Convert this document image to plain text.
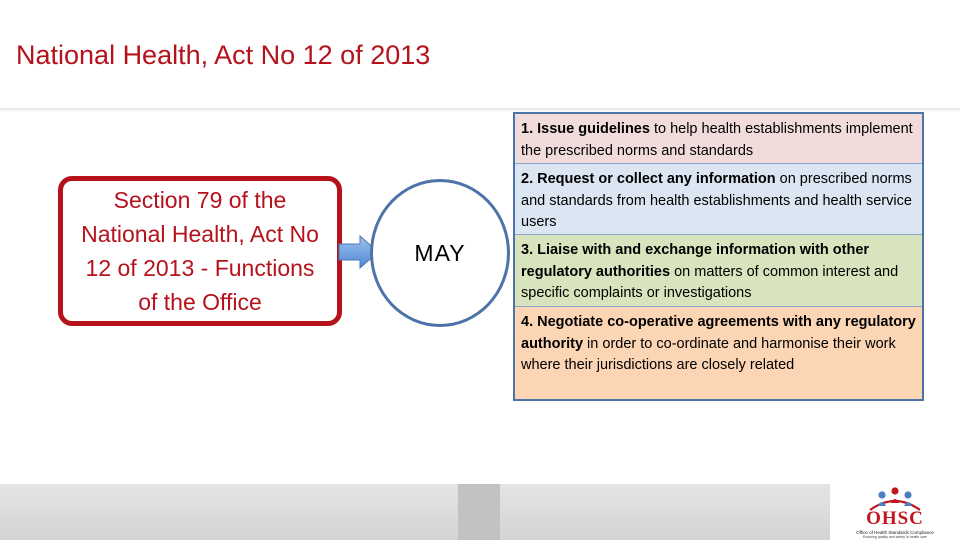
National Health, Act No 12 of 2013
Section 79 of the
National Health, Act No
12 of 2013 - Functions
of the Office
MAY
1. Issue guidelines to help health establishments implement the prescribed norms and standards
2. Request or collect any information on prescribed norms and standards from health establishments and health service users
3. Liaise with and exchange information with other regulatory authorities on matters of common interest and specific complaints or investigations
4. Negotiate co-operative agreements with any regulatory authority in order to co-ordinate and harmonise their work where their jurisdictions are closely related
OHSC
Office of Health Standards Compliance
Ensuring quality and safety in health care
